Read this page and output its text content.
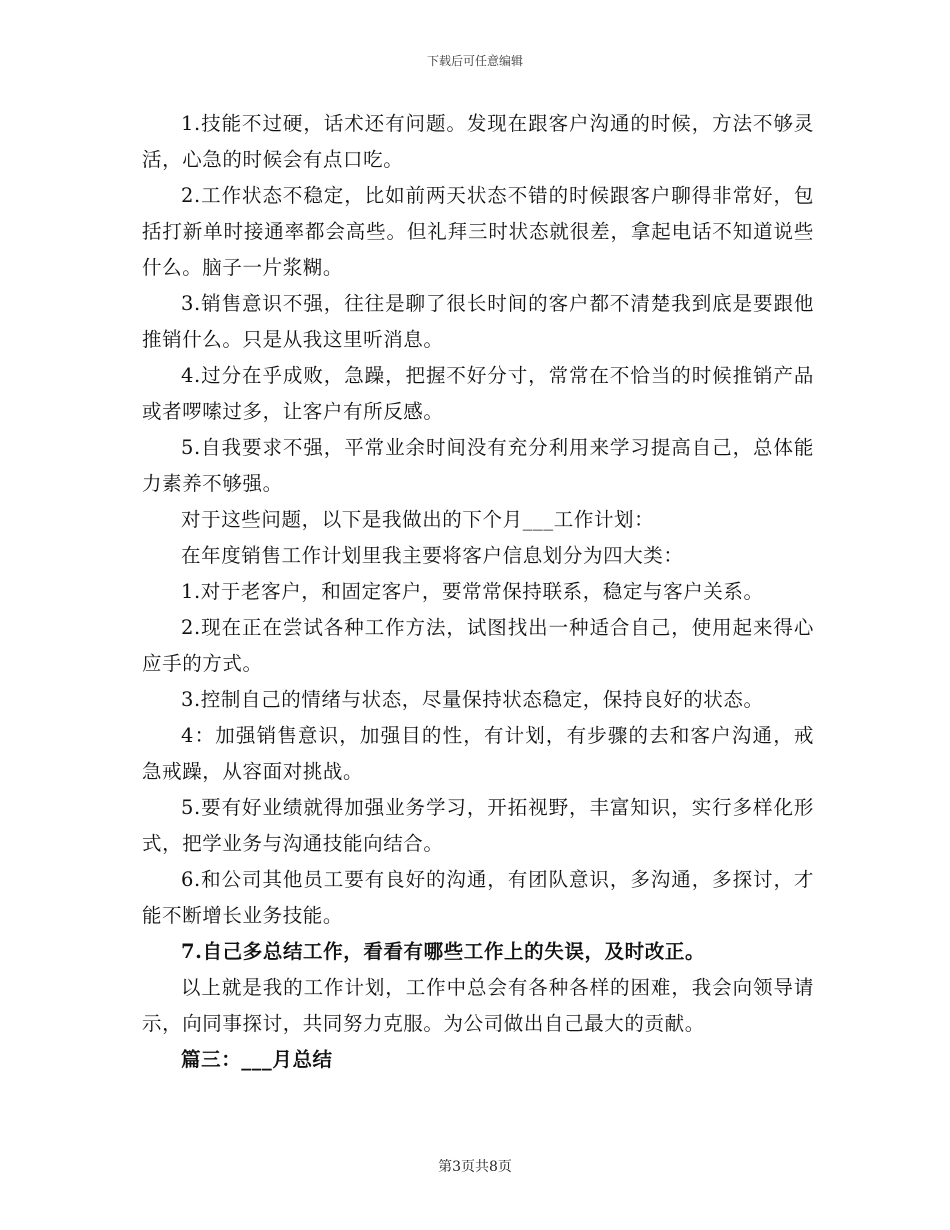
下载后可任意编辑

1.技能不过硬，话术还有问题。发现在跟客户沟通的时候，方法不够灵活，心急的时候会有点口吃。

2.工作状态不稳定，比如前两天状态不错的时候跟客户聊得非常好，包括打新单时接通率都会高些。但礼拜三时状态就很差，拿起电话不知道说些什么。脑子一片浆糊。

3.销售意识不强，往往是聊了很长时间的客户都不清楚我到底是要跟他推销什么。只是从我这里听消息。

4.过分在乎成败，急躁，把握不好分寸，常常在不恰当的时候推销产品或者啰嗦过多，让客户有所反感。

5.自我要求不强，平常业余时间没有充分利用来学习提高自己，总体能力素养不够强。

对于这些问题，以下是我做出的下个月___工作计划：

在年度销售工作计划里我主要将客户信息划分为四大类：

1.对于老客户，和固定客户，要常常保持联系，稳定与客户关系。

2.现在正在尝试各种工作方法，试图找出一种适合自己，使用起来得心应手的方式。

3.控制自己的情绪与状态，尽量保持状态稳定，保持良好的状态。

4：加强销售意识，加强目的性，有计划，有步骤的去和客户沟通，戒急戒躁，从容面对挑战。

5.要有好业绩就得加强业务学习，开拓视野，丰富知识，实行多样化形式，把学业务与沟通技能向结合。

6.和公司其他员工要有良好的沟通，有团队意识，多沟通，多探讨，才能不断增长业务技能。

7.自己多总结工作，看看有哪些工作上的失误，及时改正。

以上就是我的工作计划，工作中总会有各种各样的困难，我会向领导请示，向同事探讨，共同努力克服。为公司做出自己最大的贡献。

篇三：___月总结

第3页共8页
